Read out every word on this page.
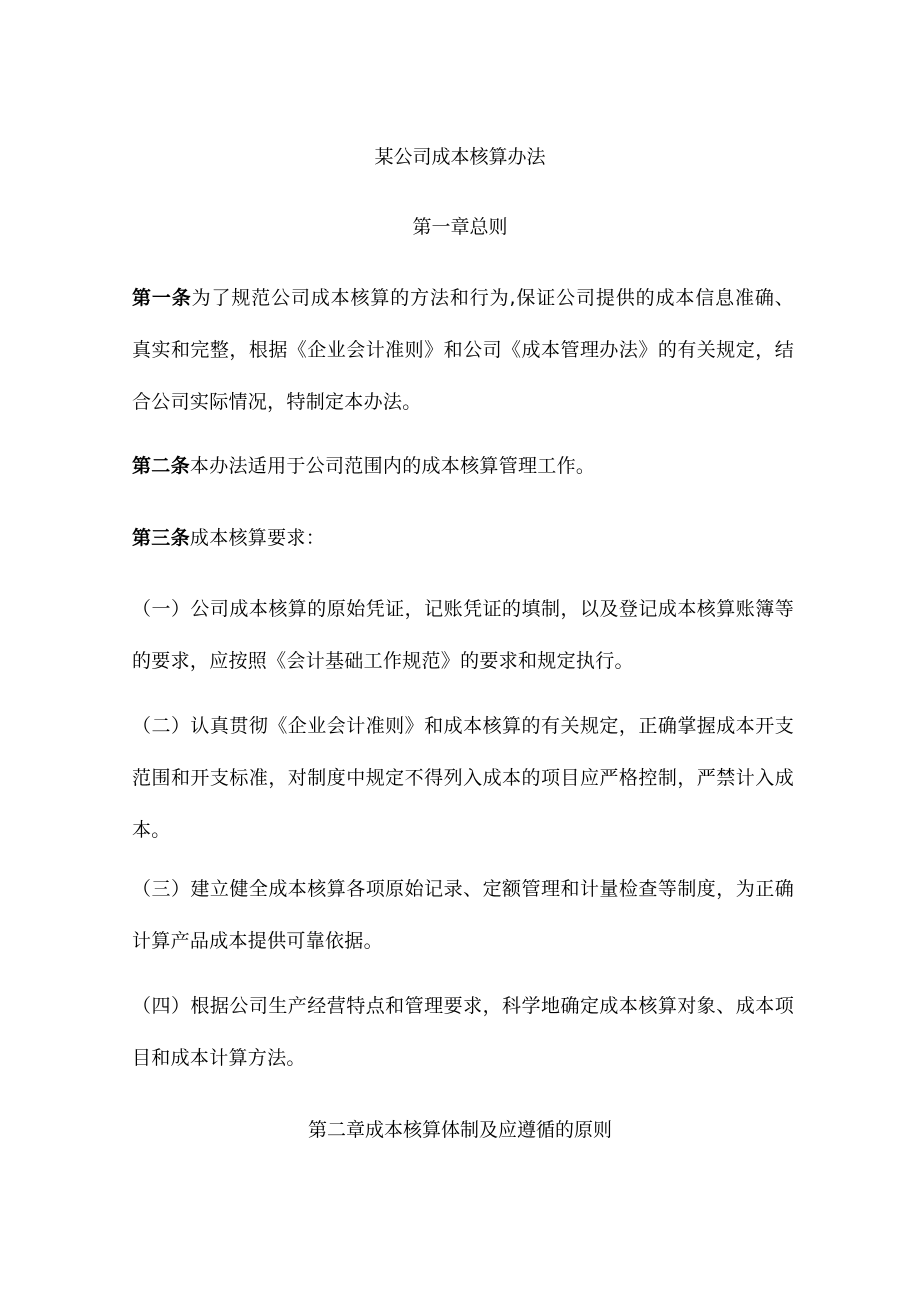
某公司成本核算办法
第一章总则
第一条为了规范公司成本核算的方法和行为,保证公司提供的成本信息准确、真实和完整，根据《企业会计准则》和公司《成本管理办法》的有关规定，结合公司实际情况，特制定本办法。
第二条本办法适用于公司范围内的成本核算管理工作。
第三条成本核算要求：
（一）公司成本核算的原始凭证，记账凭证的填制，以及登记成本核算账簿等的要求，应按照《会计基础工作规范》的要求和规定执行。
（二）认真贯彻《企业会计准则》和成本核算的有关规定，正确掌握成本开支范围和开支标准，对制度中规定不得列入成本的项目应严格控制，严禁计入成本。
（三）建立健全成本核算各项原始记录、定额管理和计量检查等制度，为正确计算产品成本提供可靠依据。
（四）根据公司生产经营特点和管理要求，科学地确定成本核算对象、成本项目和成本计算方法。
第二章成本核算体制及应遵循的原则
